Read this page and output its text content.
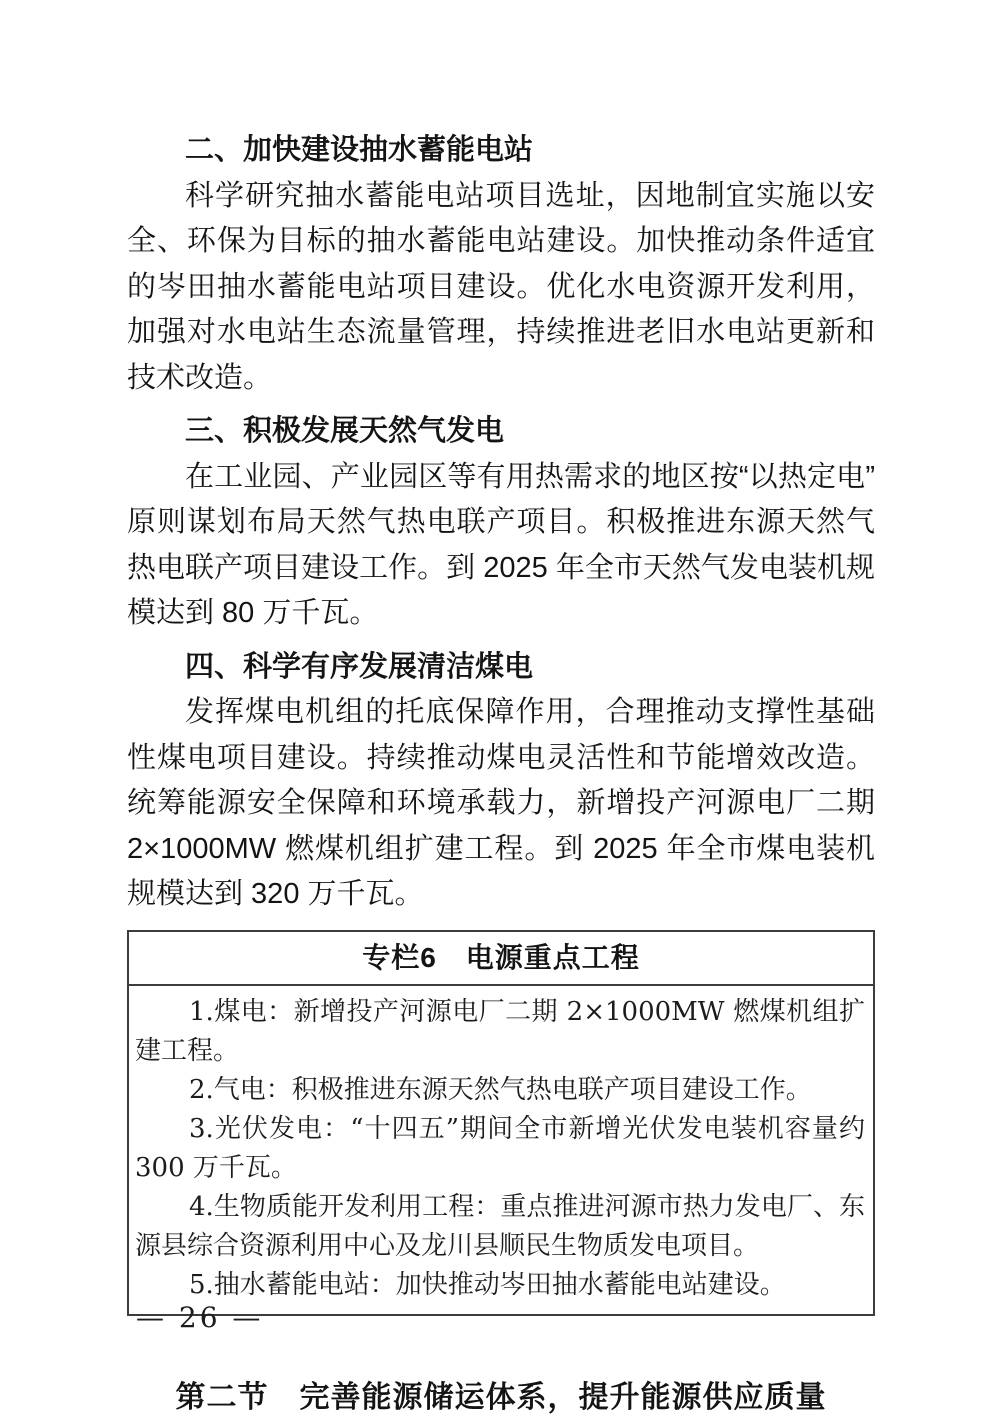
二、加快建设抽水蓄能电站

科学研究抽水蓄能电站项目选址，因地制宜实施以安全、环保为目标的抽水蓄能电站建设。加快推动条件适宜的岑田抽水蓄能电站项目建设。优化水电资源开发利用，加强对水电站生态流量管理，持续推进老旧水电站更新和技术改造。

三、积极发展天然气发电

在工业园、产业园区等有用热需求的地区按“以热定电”原则谋划布局天然气热电联产项目。积极推进东源天然气热电联产项目建设工作。到 2025 年全市天然气发电装机规模达到 80 万千瓦。

四、科学有序发展清洁煤电

发挥煤电机组的托底保障作用，合理推动支撑性基础性煤电项目建设。持续推动煤电灵活性和节能增效改造。统筹能源安全保障和环境承载力，新增投产河源电厂二期 2×1000MW 燃煤机组扩建工程。到 2025 年全市煤电装机规模达到 320 万千瓦。

专栏6　电源重点工程

1.煤电：新增投产河源电厂二期 2×1000MW 燃煤机组扩建工程。

2.气电：积极推进东源天然气热电联产项目建设工作。

3.光伏发电：“十四五”期间全市新增光伏发电装机容量约 300 万千瓦。

4.生物质能开发利用工程：重点推进河源市热力发电厂、东源县综合资源利用中心及龙川县顺民生物质发电项目。

5.抽水蓄能电站：加快推动岑田抽水蓄能电站建设。

第二节　完善能源储运体系，提升能源供应质量
— 26 —
